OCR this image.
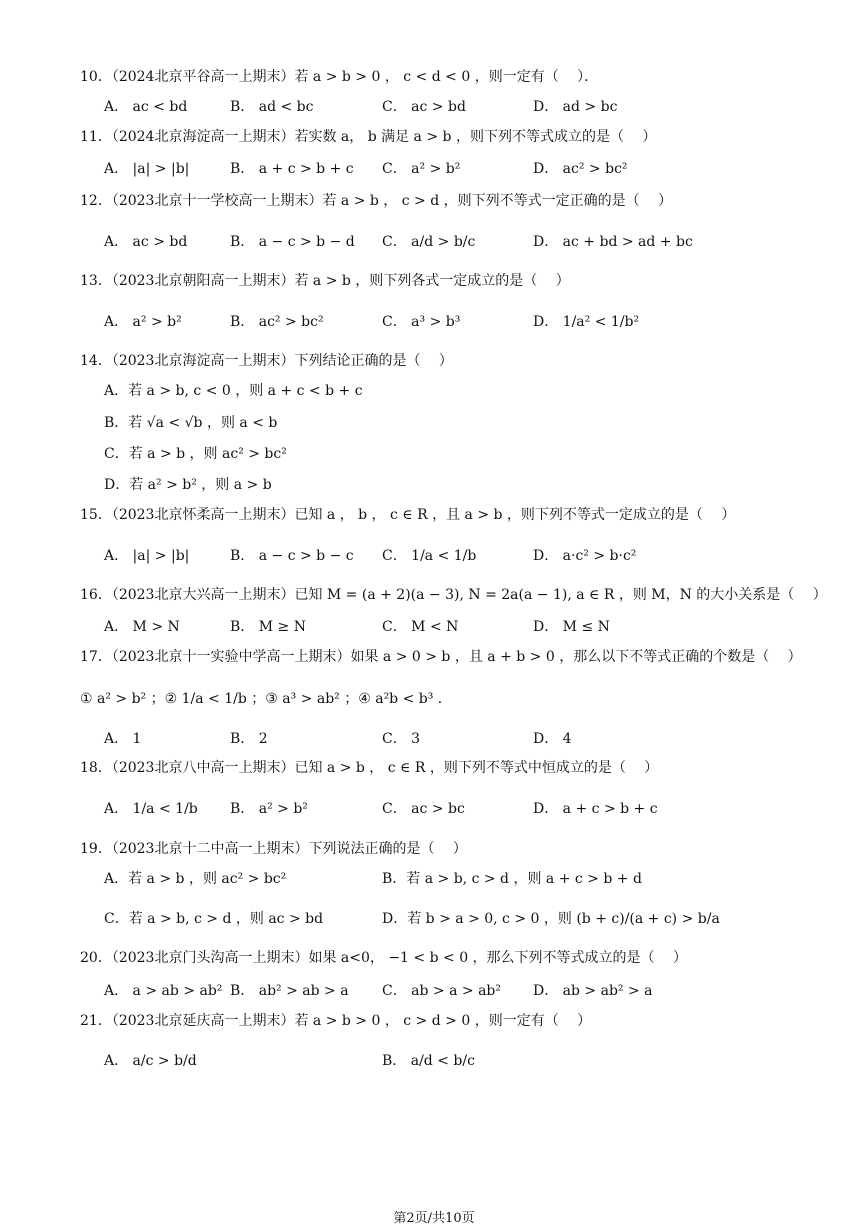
10．（2024北京平谷高一上期末）若 a > b > 0 ， c < d < 0 ，则一定有（　 ）．
A． ac < bd	B． ad < bc	C． ac > bd	D． ad > bc
11．（2024北京海淀高一上期末）若实数 a， b 满足 a > b ，则下列不等式成立的是（　 ）
A． |a| > |b|	B． a + c > b + c C． a² > b²	D． ac² > bc²
12．（2023北京十一学校高一上期末）若 a > b ， c > d ，则下列不等式一定正确的是（　 ）
A． ac > bd	B． a − c > b − d C． a/d > b/c	D． ac + bd > ad + bc
13．（2023北京朝阳高一上期末）若 a > b ，则下列各式一定成立的是（　 ）
A． a² > b²	B． ac² > bc²	C． a³ > b³	D． 1/a² < 1/b²
14．（2023北京海淀高一上期末）下列结论正确的是（　 ）
A．若 a > b, c < 0 ，则 a + c < b + c
B．若 √a < √b ，则 a < b
C．若 a > b ，则 ac² > bc²
D．若 a² > b² ，则 a > b
15．（2023北京怀柔高一上期末）已知 a ， b ， c ∈ R ，且 a > b ，则下列不等式一定成立的是（　 ）
A． |a| > |b|	B． a − c > b − c C． 1/a < 1/b	D． a·c² > b·c²
16．（2023北京大兴高一上期末）已知 M = (a + 2)(a − 3), N = 2a(a − 1), a ∈ R ，则 M，N 的大小关系是（　 ）
A． M > N	B． M ≥ N	C． M < N	D． M ≤ N
17．（2023北京十一实验中学高一上期末）如果 a > 0 > b ，且 a + b > 0 ，那么以下不等式正确的个数是（　 ）
① a² > b² ；② 1/a < 1/b ；③ a³ > ab² ；④ a²b < b³ ．
A． 1	B． 2	C． 3	D． 4
18．（2023北京八中高一上期末）已知 a > b ， c ∈ R ，则下列不等式中恒成立的是（　 ）
A． 1/a < 1/b B． a² > b²	C． ac > bc	D． a + c > b + c
19．（2023北京十二中高一上期末）下列说法正确的是（　 ）
A．若 a > b ，则 ac² > bc²	B．若 a > b, c > d ，则 a + c > b + d
C．若 a > b, c > d ，则 ac > bd	D．若 b > a > 0, c > 0 ，则 (b + c)/(a + c) > b/a
20．（2023北京门头沟高一上期末）如果 a<0， −1 < b < 0 ，那么下列不等式成立的是（　 ）
A． a > ab > ab² B． ab² > ab > a C． ab > a > ab² D． ab > ab² > a
21．（2023北京延庆高一上期末）若 a > b > 0 ， c > d > 0 ，则一定有（　 ）
A． a/c > b/d	B． a/d < b/c
第2页/共10页
